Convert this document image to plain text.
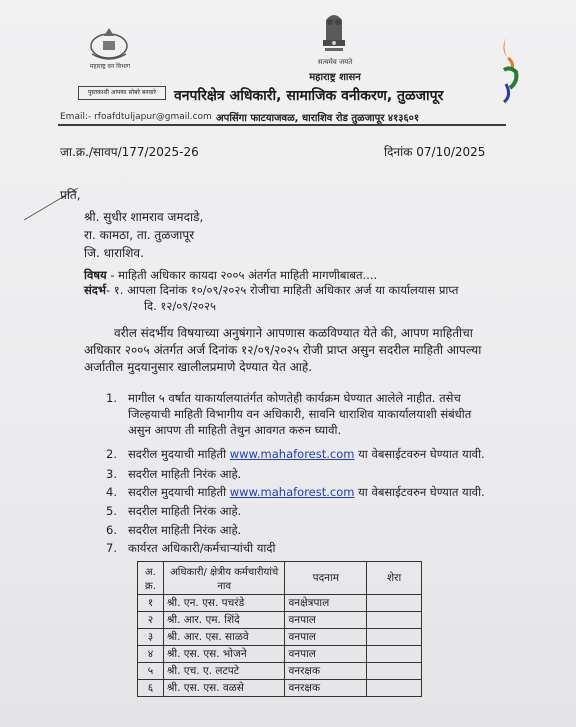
महाराष्ट्र वन विभाग
सत्यमेव जयते
महाराष्ट्र शासन
पुस्तकाशी आपका सोबरे बनवारे	वनपरिक्षेत्र अधिकारी, सामाजिक वनीकरण, तुळजापूर
Email:- rfoafdtuljapur@gmail.com अपसिंगा फाटयाजवळ, धाराशिव रोड तुळजापूर ४१३६०१
जा.क्र./सावप/177/2025-26	दिनांक 07/10/2025
प्रति,
श्री. सुधीर शामराव जमदाडे,
रा. कामठा, ता. तुळजापूर
जि. धाराशिव.
विषय - माहिती अधिकार कायदा २००५ अंतर्गत माहिती मागणीबाबत....
संदर्भ- १. आपला दिनांक १०/०९/२०२५ रोजीचा माहिती अधिकार अर्ज या कार्यालयास प्राप्त
दि. १२/०९/२०२५
वरील संदर्भीय विषयाच्या अनुषंगाने आपणास कळविण्यात येते की, आपण माहितीचा
अधिकार २००५ अंतर्गत अर्ज दिनांक १२/०९/२०२५ रोजी प्राप्त असुन सदरील माहिती आपल्या
अर्जातील मुदयानुसार खालीलप्रमाणे देण्यात येत आहे.
1. मागील ५ वर्षात याकार्यालयातंर्गत कोणतेही कार्यक्रम घेण्यात आलेले नाहीत. तसेच
जिल्हयाची माहिती विभागीय वन अधिकारी, सावनि धाराशिव याकार्यालयाशी संबंधीत
असुन आपण ती माहिती तेथुन आवगत करुन घ्यावी.
2. सदरील मुदयाची माहिती www.mahaforest.com या वेबसाईटवरुन घेण्यात यावी.
3. सदरील माहिती निरंक आहे.
4. सदरील मुदयाची माहिती www.mahaforest.com या वेबसाईटवरुन घेण्यात यावी.
5. सदरील माहिती निरंक आहे.
6. सदरील माहिती निरंक आहे.
7. कार्यरत अधिकारी/कर्मचाऱ्यांची यादी
अ. क्र.	अधिकारी/ क्षेत्रीय कर्मचारीयांचे नाव	पदनाम	शेरा
१	श्री. एन. एस. पचरंडे	वनक्षेत्रपाल	
२	श्री. आर. एम. शिंदे	वनपाल	
३	श्री. आर. एस. साळवे	वनपाल	
४	श्री. एस. एस. भोजने	वनपाल	
५	श्री. एच. ए. लटपटे	वनरक्षक	
६	श्री. एस. एस. वळसे	वनरक्षक	
